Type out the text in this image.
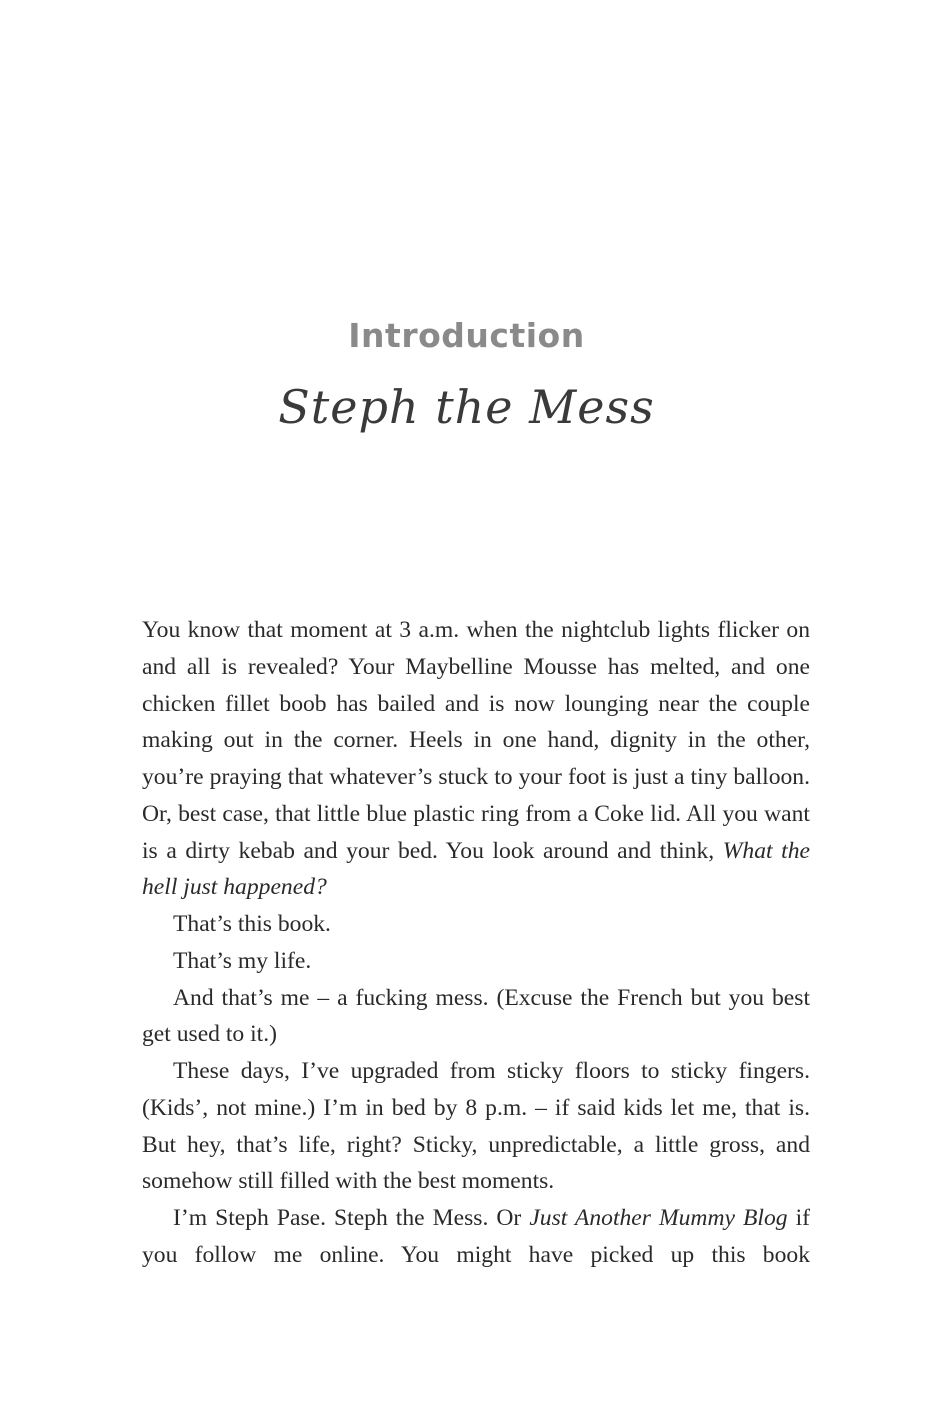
Introduction
Steph the Mess

You know that moment at 3 a.m. when the nightclub lights flicker on and all is revealed? Your Maybelline Mousse has melted, and one chicken fillet boob has bailed and is now lounging near the couple making out in the corner. Heels in one hand, dignity in the other, you’re praying that whatever’s stuck to your foot is just a tiny balloon. Or, best case, that little blue plastic ring from a Coke lid. All you want is a dirty kebab and your bed. You look around and think, What the hell just happened?

That’s this book.

That’s my life.

And that’s me – a fucking mess. (Excuse the French but you best get used to it.)

These days, I’ve upgraded from sticky floors to sticky fingers. (Kids’, not mine.) I’m in bed by 8 p.m. – if said kids let me, that is. But hey, that’s life, right? Sticky, unpredictable, a little gross, and somehow still filled with the best moments.

I’m Steph Pase. Steph the Mess. Or Just Another Mummy Blog if you follow me online. You might have picked up this book
